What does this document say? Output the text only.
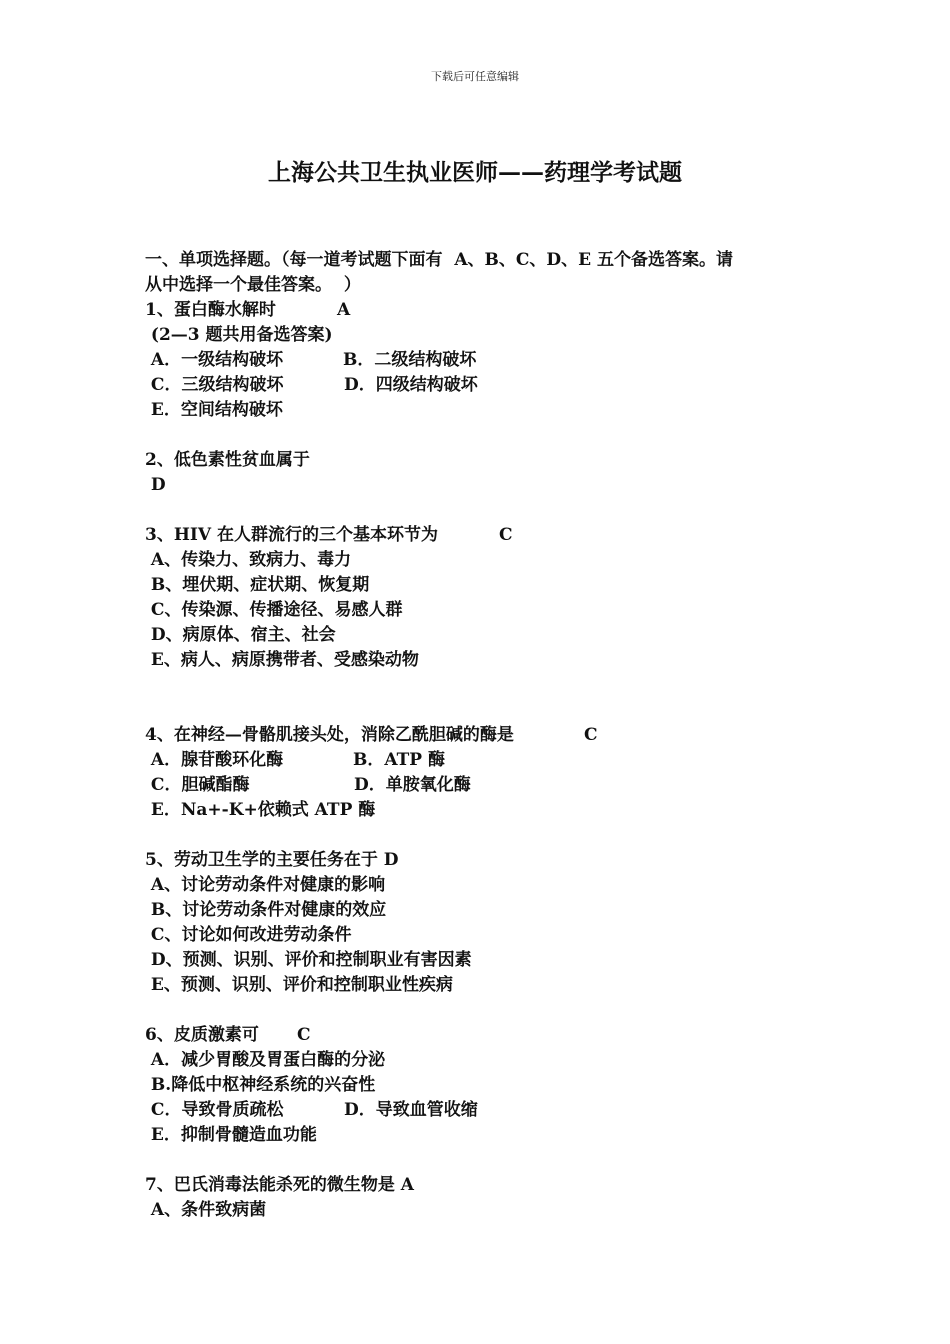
下载后可任意编辑
上海公共卫生执业医师——药理学考试题
一、单项选择题。（每一道考试题下面有  A、B、C、D、E 五个备选答案。请
从中选择一个最佳答案。  ）
1、蛋白酶水解时	A
(2—3 题共用备选答案)
A．一级结构破坏	B．二级结构破坏
C．三级结构破坏	D．四级结构破坏
E．空间结构破坏
2、低色素性贫血属于
D
3、HIV 在人群流行的三个基本环节为	C
A、传染力、致病力、毒力
B、埋伏期、症状期、恢复期
C、传染源、传播途径、易感人群
D、病原体、宿主、社会
E、病人、病原携带者、受感染动物
4、在神经—骨骼肌接头处，消除乙酰胆碱的酶是	C
A．腺苷酸环化酶	B．ATP 酶
C．胆碱酯酶	D．单胺氧化酶
E．Na+-K+依赖式 ATP 酶
5、劳动卫生学的主要任务在于 D
A、讨论劳动条件对健康的影响
B、讨论劳动条件对健康的效应
C、讨论如何改进劳动条件
D、预测、识别、评价和控制职业有害因素
E、预测、识别、评价和控制职业性疾病
6、皮质激素可	C
A．减少胃酸及胃蛋白酶的分泌
B.降低中枢神经系统的兴奋性
C．导致骨质疏松	D．导致血管收缩
E．抑制骨髓造血功能
7、巴氏消毒法能杀死的微生物是 A
A、条件致病菌
